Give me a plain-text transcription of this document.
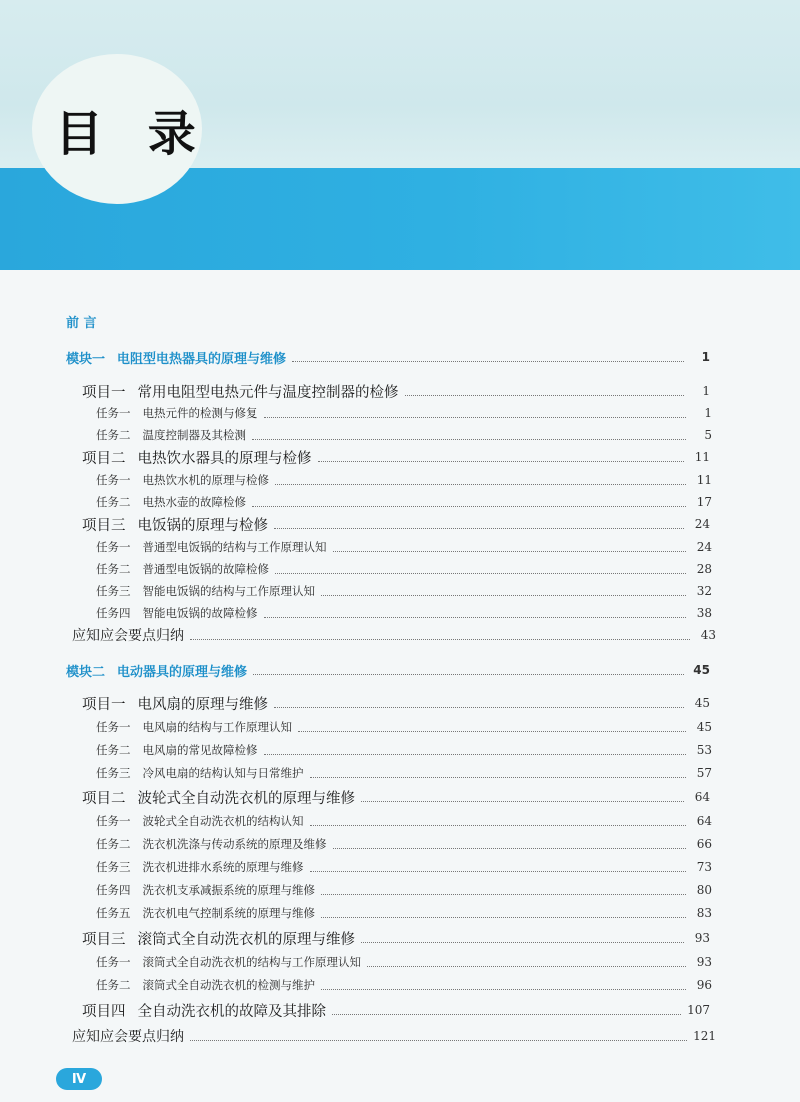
目 录
前 言
模块一 电阻型电热器具的原理与维修	1
项目一 常用电阻型电热元件与温度控制器的检修	1
任务一 电热元件的检测与修复	1
任务二 温度控制器及其检测	5
项目二 电热饮水器具的原理与检修	11
任务一 电热饮水机的原理与检修	11
任务二 电热水壶的故障检修	17
项目三 电饭锅的原理与检修	24
任务一 普通型电饭锅的结构与工作原理认知	24
任务二 普通型电饭锅的故障检修	28
任务三 智能电饭锅的结构与工作原理认知	32
任务四 智能电饭锅的故障检修	38
应知应会要点归纳	43
模块二 电动器具的原理与维修	45
项目一 电风扇的原理与维修	45
任务一 电风扇的结构与工作原理认知	45
任务二 电风扇的常见故障检修	53
任务三 冷风电扇的结构认知与日常维护	57
项目二 波轮式全自动洗衣机的原理与维修	64
任务一 波轮式全自动洗衣机的结构认知	64
任务二 洗衣机洗涤与传动系统的原理及维修	66
任务三 洗衣机进排水系统的原理与维修	73
任务四 洗衣机支承减振系统的原理与维修	80
任务五 洗衣机电气控制系统的原理与维修	83
项目三 滚筒式全自动洗衣机的原理与维修	93
任务一 滚筒式全自动洗衣机的结构与工作原理认知	93
任务二 滚筒式全自动洗衣机的检测与维护	96
项目四 全自动洗衣机的故障及其排除	107
应知应会要点归纳	121
Ⅳ
